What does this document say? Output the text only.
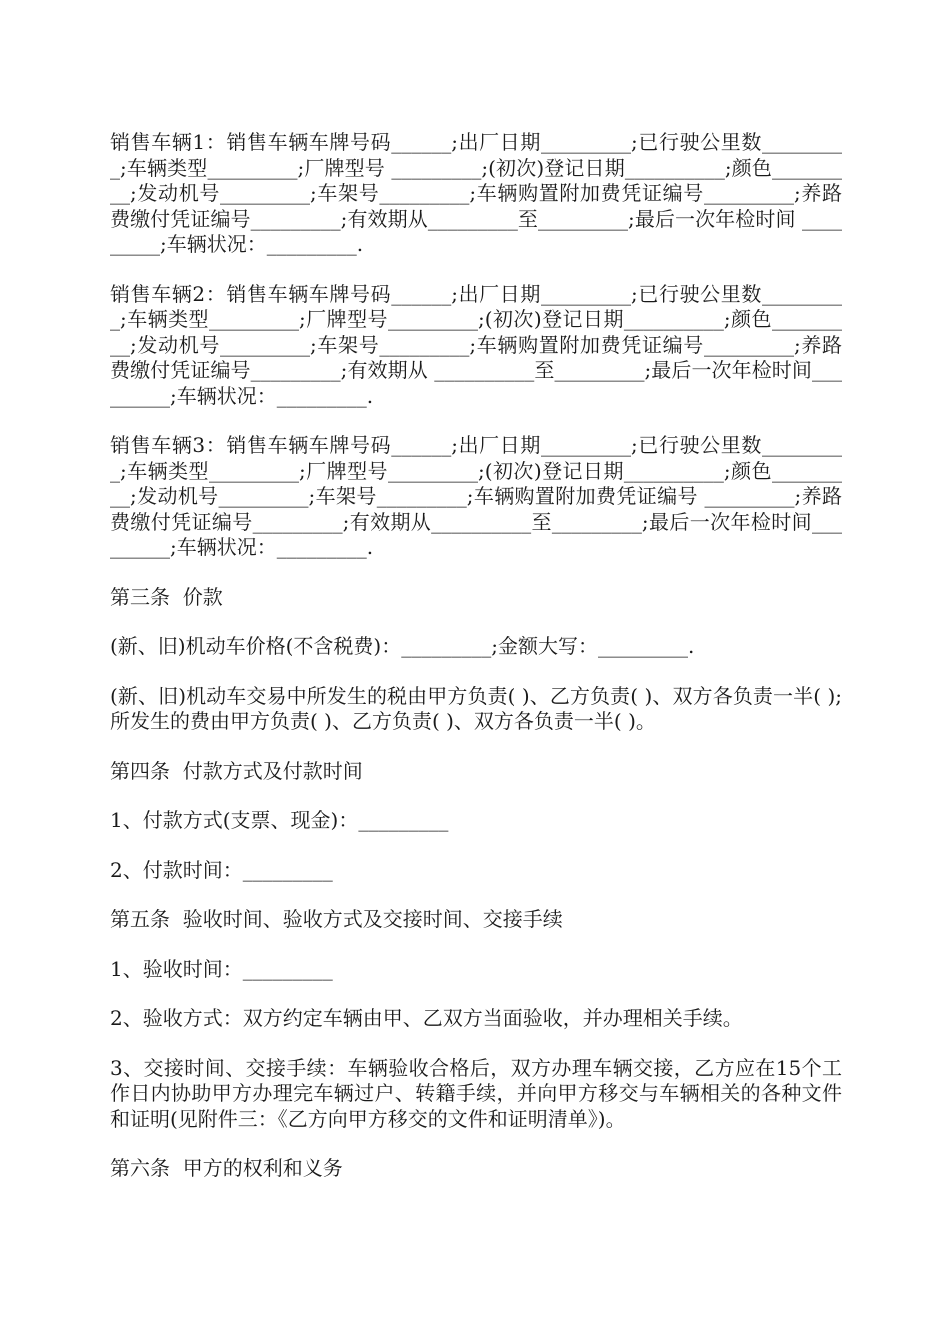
销售车辆1：销售车辆车牌号码______;出厂日期_________;已行驶公里数_________;车辆类型_________;厂牌型号 _________;(初次)登记日期__________;颜色_________;发动机号_________;车架号_________;车辆购置附加费凭证编号_________;养路费缴付凭证编号_________;有效期从_________至_________;最后一次年检时间 _________;车辆状况：_________.

销售车辆2：销售车辆车牌号码______;出厂日期_________;已行驶公里数_________;车辆类型_________;厂牌型号_________;(初次)登记日期__________;颜色_________;发动机号_________;车架号_________;车辆购置附加费凭证编号_________;养路费缴付凭证编号_________;有效期从 __________至_________;最后一次年检时间_________;车辆状况：_________.

销售车辆3：销售车辆车牌号码______;出厂日期_________;已行驶公里数_________;车辆类型_________;厂牌型号_________;(初次)登记日期__________;颜色_________;发动机号_________;车架号_________;车辆购置附加费凭证编号 _________;养路费缴付凭证编号_________;有效期从__________至_________;最后一次年检时间_________;车辆状况：_________.

第三条  价款

(新、旧)机动车价格(不含税费)：_________;金额大写：_________.

(新、旧)机动车交易中所发生的税由甲方负责( )、乙方负责( )、双方各负责一半( );所发生的费由甲方负责( )、乙方负责( )、双方各负责一半( )。

第四条  付款方式及付款时间

1、付款方式(支票、现金)：_________

2、付款时间：_________

第五条  验收时间、验收方式及交接时间、交接手续

1、验收时间：_________

2、验收方式：双方约定车辆由甲、乙双方当面验收，并办理相关手续。

3、交接时间、交接手续：车辆验收合格后，双方办理车辆交接，乙方应在15个工作日内协助甲方办理完车辆过户、转籍手续，并向甲方移交与车辆相关的各种文件和证明(见附件三：《乙方向甲方移交的文件和证明清单》)。

第六条  甲方的权利和义务
